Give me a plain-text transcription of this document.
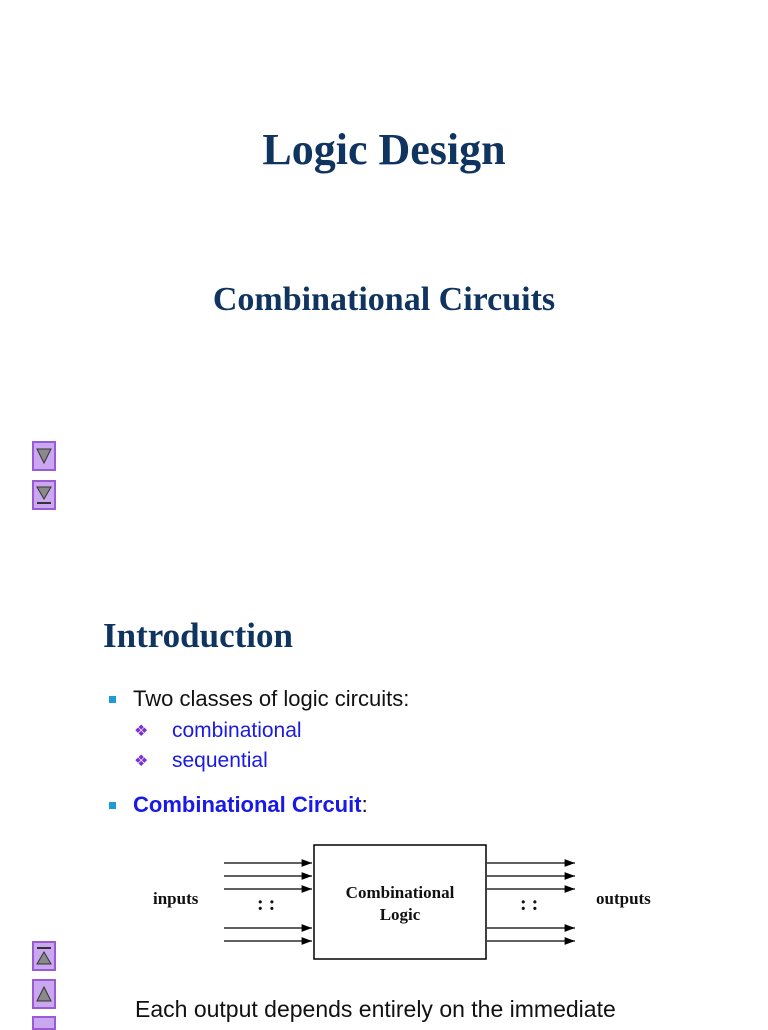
Logic Design
Combinational Circuits
Introduction
Two classes of logic circuits:
❖ combinational
❖ sequential
Combinational Circuit :
inputs	outputs
Combinational
Logic
: :	: :
Each output depends entirely on the immediate
